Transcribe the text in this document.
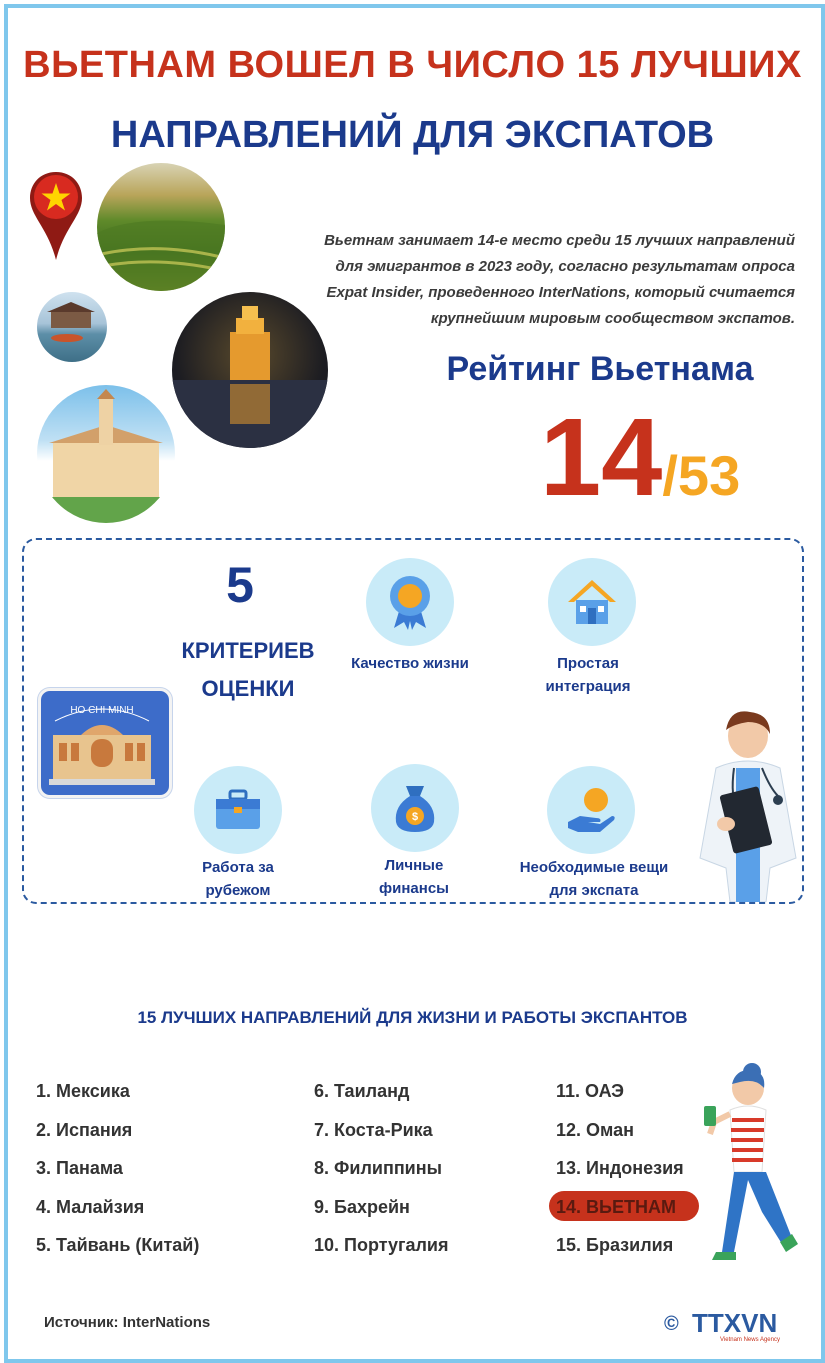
ВЬЕТНАМ ВОШЕЛ В ЧИСЛО 15 ЛУЧШИХ
НАПРАВЛЕНИЙ ДЛЯ ЭКСПАТОВ
Вьетнам занимает 14-е место среди 15 лучших направлений
для эмигрантов в 2023 году, согласно результатам опроса
Expat Insider, проведенного InterNations, который считается
крупнейшим мировым сообществом экспатов.
Рейтинг Вьетнама
14/53
5
КРИТЕРИЕВ
ОЦЕНКИ
HO CHI MINH
Качество жизни	Простая
интеграция
Работа за
рубежом
$
Личные
финансы
Необходимые вещи
для экспата
15 ЛУЧШИХ НАПРАВЛЕНИЙ ДЛЯ ЖИЗНИ И РАБОТЫ ЭКСПАНТОВ
1. Мексика
2. Испания
3. Панама
4. Малайзия
5. Тайвань (Китай)
6. Таиланд
7. Коста-Рика
8. Филиппины
9. Бахрейн
10. Португалия
11. ОАЭ
12. Оман
13. Индонезия
14. ВЬЕТНАМ
15. Бразилия
Источник: InterNations	© TTXVN
Vietnam News Agency
